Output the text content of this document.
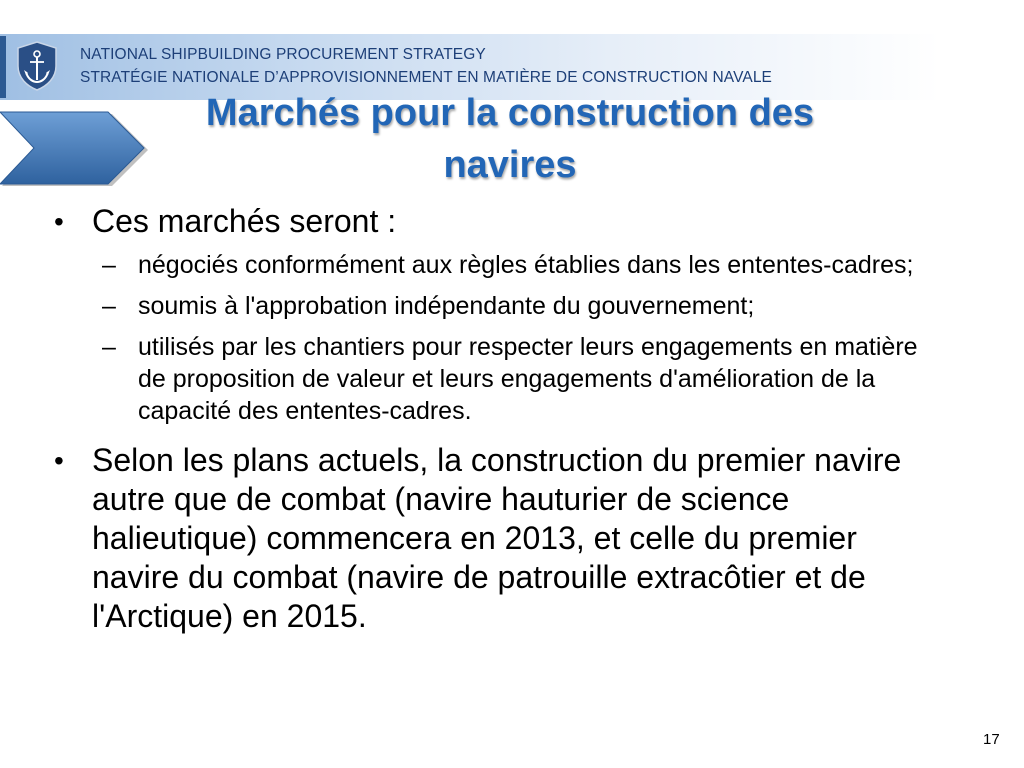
NATIONAL SHIPBUILDING PROCUREMENT STRATEGY
STRATÉGIE NATIONALE D’APPROVISIONNEMENT EN MATIÈRE DE CONSTRUCTION NAVALE
Marchés pour la construction des
navires
• Ces marchés seront :
– négociés conformément aux règles établies dans les ententes-cadres;
– soumis à l'approbation indépendante du gouvernement;
– utilisés par les chantiers pour respecter leurs engagements en matière de proposition de valeur et leurs engagements d'amélioration de la capacité des ententes-cadres.
• Selon les plans actuels, la construction du premier navire autre que de combat (navire hauturier de science halieutique) commencera en 2013, et celle du premier navire du combat (navire de patrouille extracôtier et de l'Arctique) en 2015.
17
